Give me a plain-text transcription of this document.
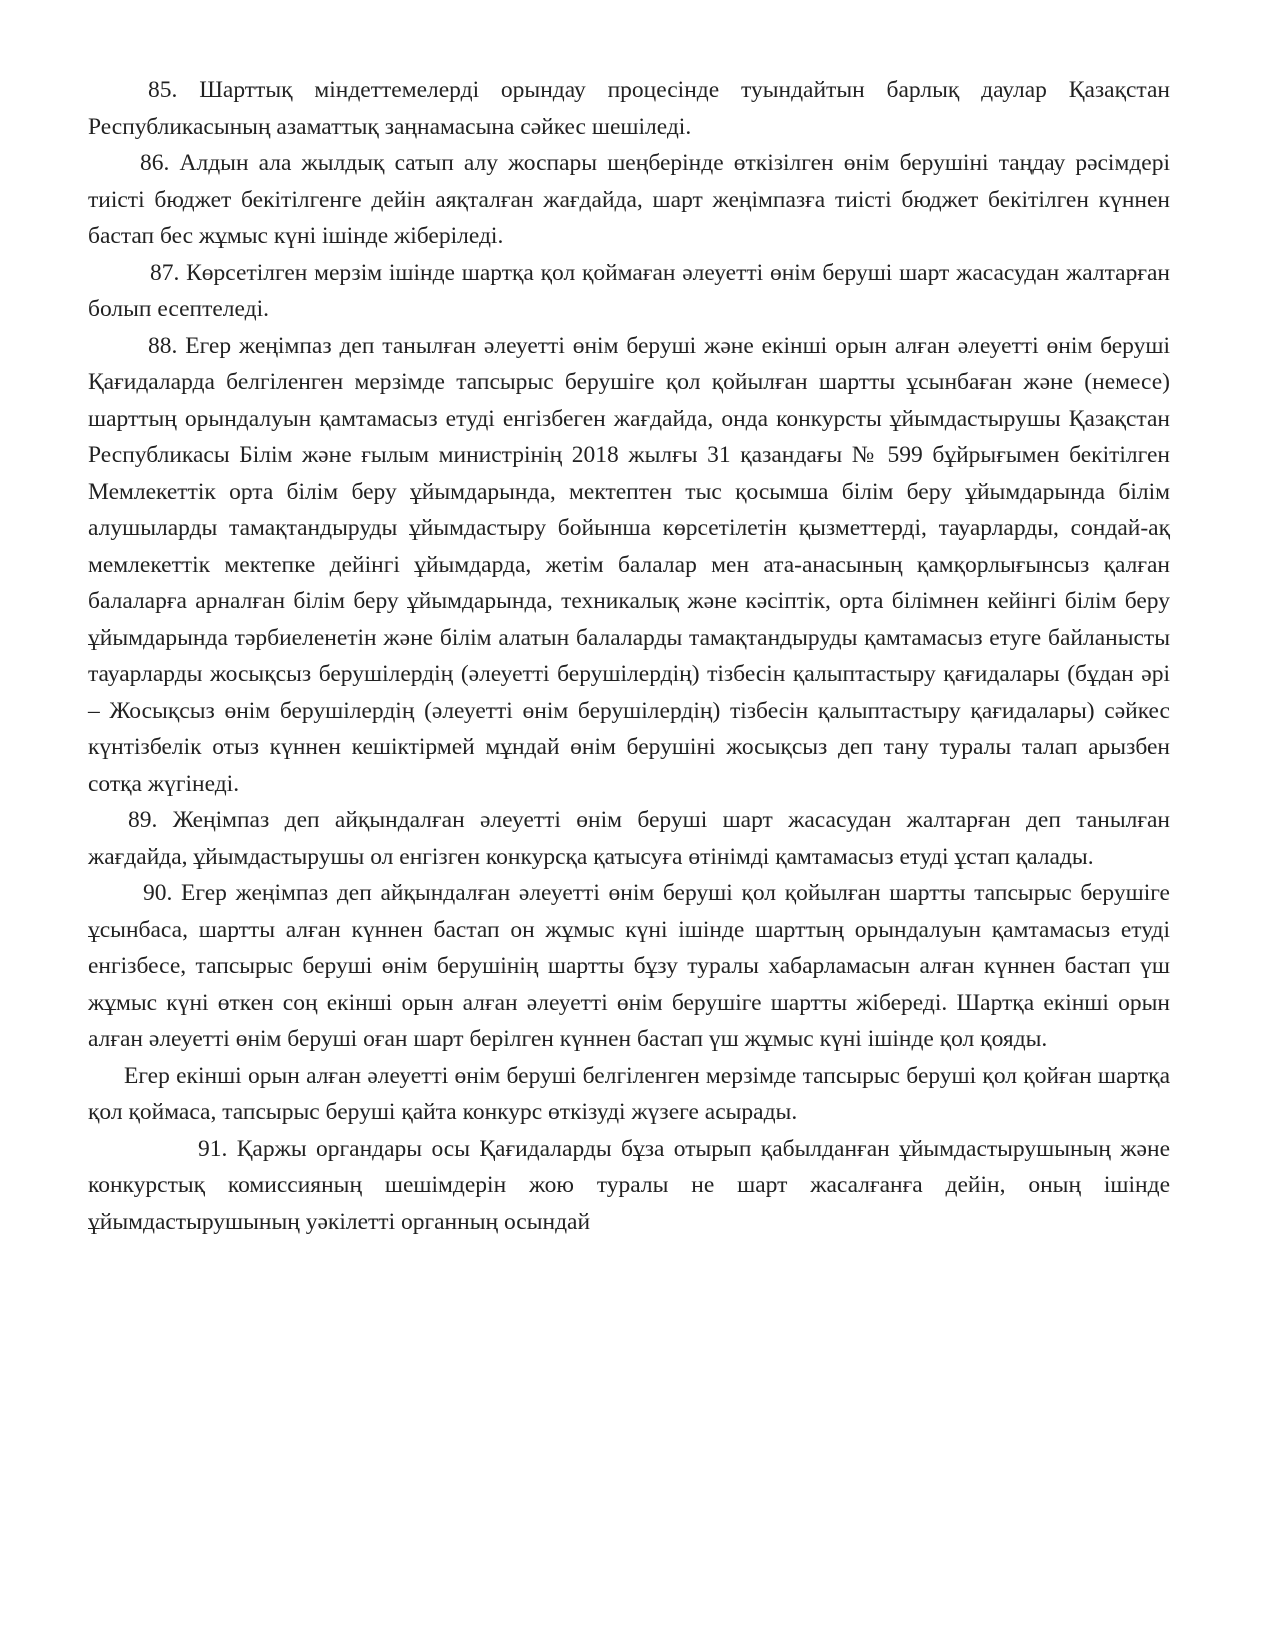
85. Шарттық міндеттемелерді орындау процесінде туындайтын барлық даулар Қазақстан Республикасының азаматтық заңнамасына сәйкес шешіледі.

86. Алдын ала жылдық сатып алу жоспары шеңберінде өткізілген өнім берушіні таңдау рәсімдері тиісті бюджет бекітілгенге дейін аяқталған жағдайда, шарт жеңімпазға тиісті бюджет бекітілген күннен бастап бес жұмыс күні ішінде жіберіледі.

87. Көрсетілген мерзім ішінде шартқа қол қоймаған әлеуетті өнім беруші шарт жасасудан жалтарған болып есептеледі.

88. Егер жеңімпаз деп танылған әлеуетті өнім беруші және екінші орын алған әлеуетті өнім беруші Қағидаларда белгіленген мерзімде тапсырыс берушіге қол қойылған шартты ұсынбаған және (немесе) шарттың орындалуын қамтамасыз етуді енгізбеген жағдайда, онда конкурсты ұйымдастырушы Қазақстан Республикасы Білім және ғылым министрінің 2018 жылғы 31 қазандағы № 599 бұйрығымен бекітілген Мемлекеттік орта білім беру ұйымдарында, мектептен тыс қосымша білім беру ұйымдарында білім алушыларды тамақтандыруды ұйымдастыру бойынша көрсетілетін қызметтерді, тауарларды, сондай-ақ мемлекеттік мектепке дейінгі ұйымдарда, жетім балалар мен ата-анасының қамқорлығынсыз қалған балаларға арналған білім беру ұйымдарында, техникалық және кәсіптік, орта білімнен кейінгі білім беру ұйымдарында тәрбиеленетін және білім алатын балаларды тамақтандыруды қамтамасыз етуге байланысты тауарларды жосықсыз берушілердің (әлеуетті берушілердің) тізбесін қалыптастыру қағидалары (бұдан әрі – Жосықсыз өнім берушілердің (әлеуетті өнім берушілердің) тізбесін қалыптастыру қағидалары) сәйкес күнтізбелік отыз күннен кешіктірмей мұндай өнім берушіні жосықсыз деп тану туралы талап арызбен сотқа жүгінеді.

89. Жеңімпаз деп айқындалған әлеуетті өнім беруші шарт жасасудан жалтарған деп танылған жағдайда, ұйымдастырушы ол енгізген конкурсқа қатысуға өтінімді қамтамасыз етуді ұстап қалады.

90. Егер жеңімпаз деп айқындалған әлеуетті өнім беруші қол қойылған шартты тапсырыс берушіге ұсынбаса, шартты алған күннен бастап он жұмыс күні ішінде шарттың орындалуын қамтамасыз етуді енгізбесе, тапсырыс беруші өнім берушінің шартты бұзу туралы хабарламасын алған күннен бастап үш жұмыс күні өткен соң екінші орын алған әлеуетті өнім берушіге шартты жібереді. Шартқа екінші орын алған әлеуетті өнім беруші оған шарт берілген күннен бастап үш жұмыс күні ішінде қол қояды.

Егер екінші орын алған әлеуетті өнім беруші белгіленген мерзімде тапсырыс беруші қол қойған шартқа қол қоймаса, тапсырыс беруші қайта конкурс өткізуді жүзеге асырады.

91. Қаржы органдары осы Қағидаларды бұза отырып қабылданған ұйымдастырушының және конкурстық комиссияның шешімдерін жою туралы не шарт жасалғанға дейін, оның ішінде ұйымдастырушының уәкілетті органның осындай
